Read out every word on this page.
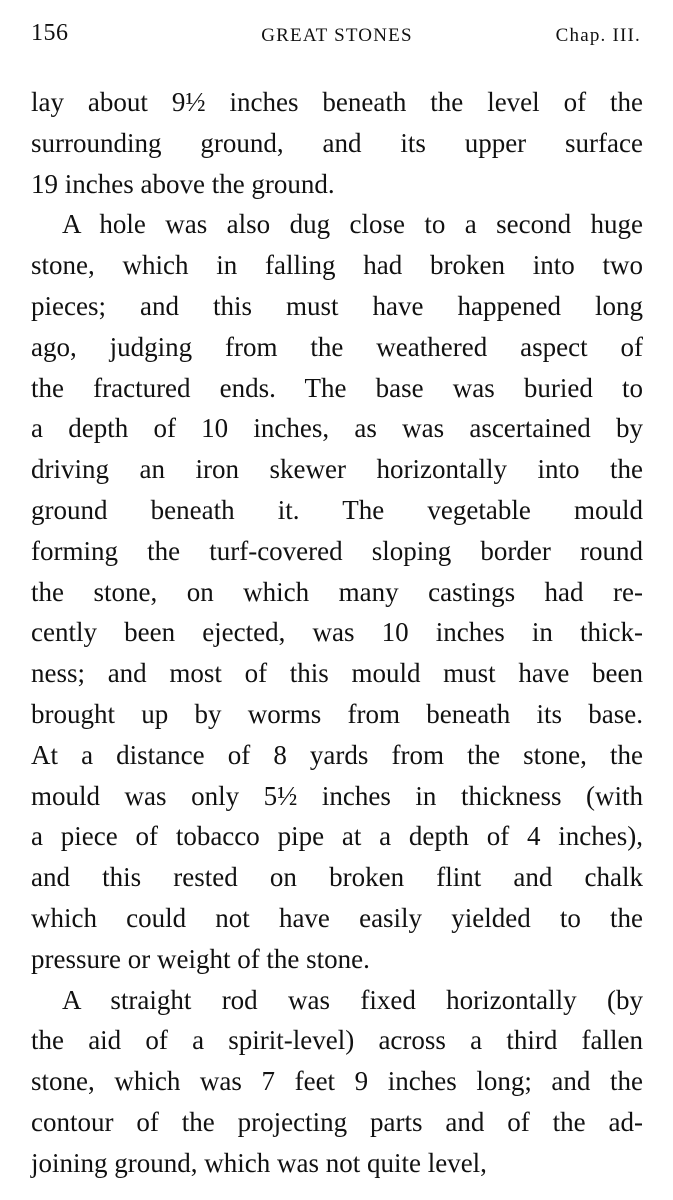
156	GREAT STONES	Chap. III.
lay about 9½ inches beneath the level of the
surrounding ground, and its upper surface
19 inches above the ground.
A hole was also dug close to a second huge
stone, which in falling had broken into two
pieces; and this must have happened long
ago, judging from the weathered aspect of
the fractured ends. The base was buried to
a depth of 10 inches, as was ascertained by
driving an iron skewer horizontally into the
ground beneath it. The vegetable mould
forming the turf-covered sloping border round
the stone, on which many castings had re-
cently been ejected, was 10 inches in thick-
ness; and most of this mould must have been
brought up by worms from beneath its base.
At a distance of 8 yards from the stone, the
mould was only 5½ inches in thickness (with
a piece of tobacco pipe at a depth of 4 inches),
and this rested on broken flint and chalk
which could not have easily yielded to the
pressure or weight of the stone.
A straight rod was fixed horizontally (by
the aid of a spirit-level) across a third fallen
stone, which was 7 feet 9 inches long; and the
contour of the projecting parts and of the ad-
joining ground, which was not quite level,
